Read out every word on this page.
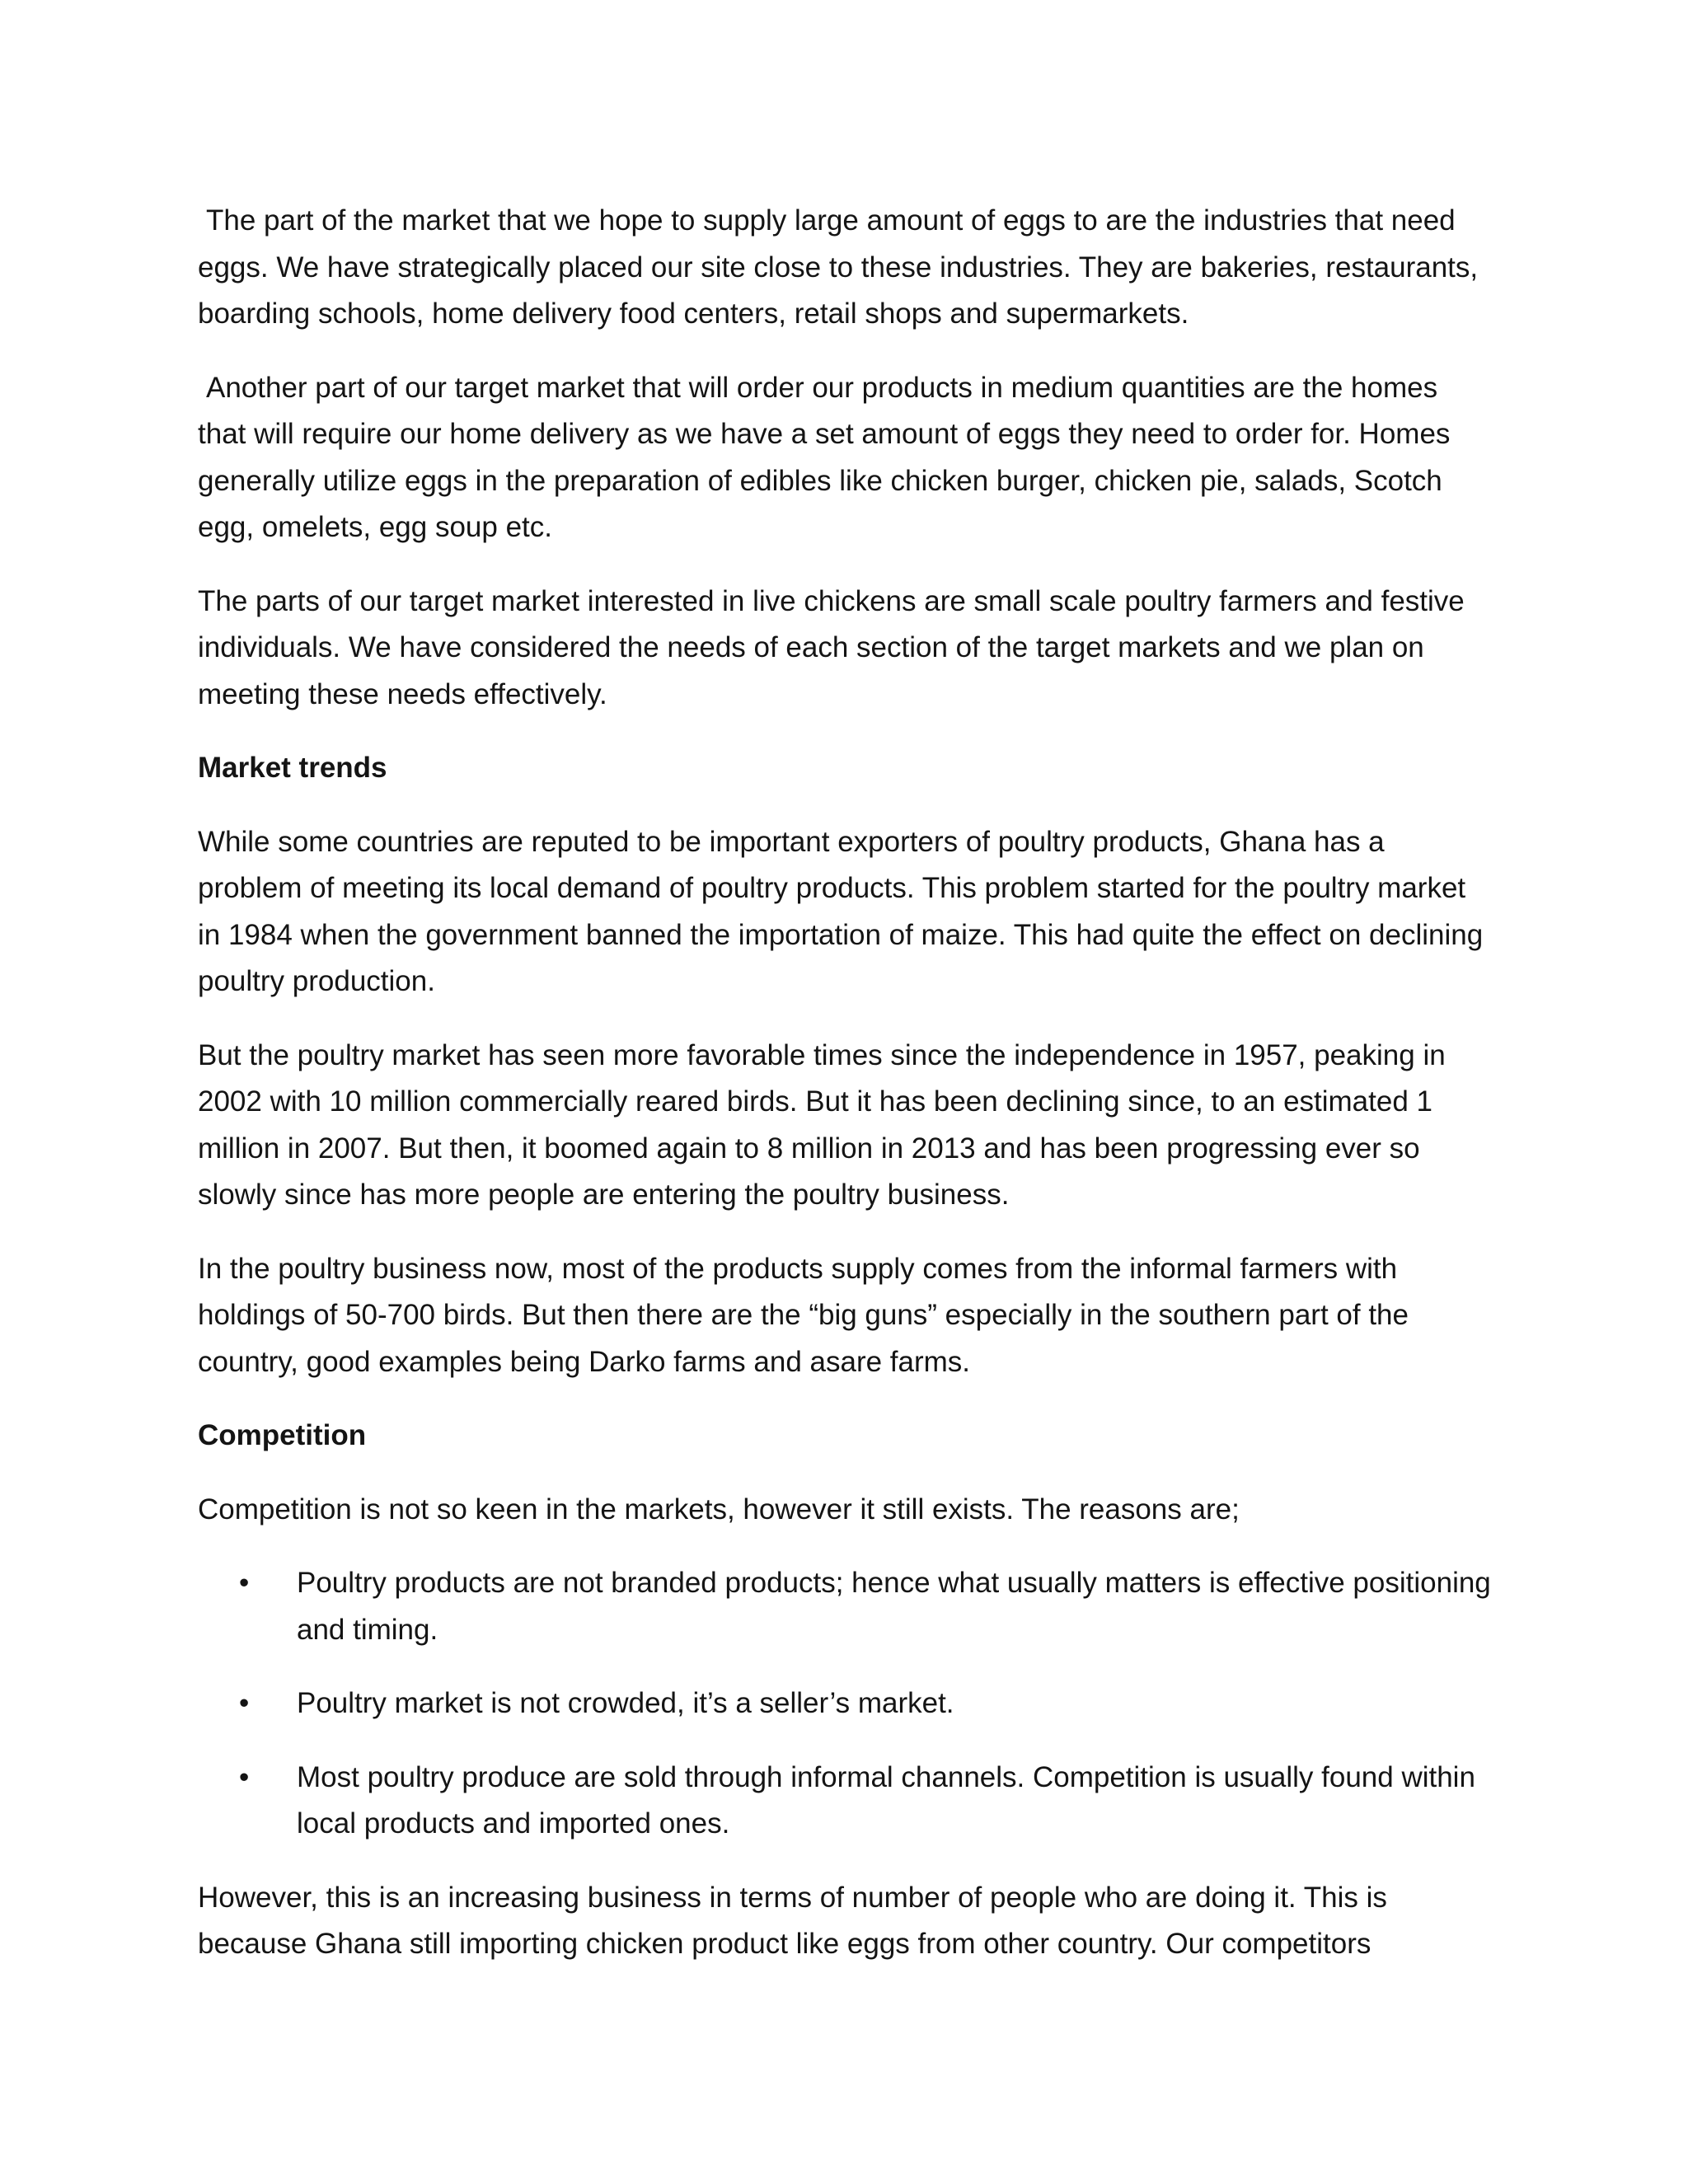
The part of the market that we hope to supply large amount of eggs to are the industries that need eggs. We have strategically placed our site close to these industries. They are bakeries, restaurants, boarding schools, home delivery food centers, retail shops and supermarkets.

Another part of our target market that will order our products in medium quantities are the homes that will require our home delivery as we have a set amount of eggs they need to order for. Homes generally utilize eggs in the preparation of edibles like chicken burger, chicken pie, salads, Scotch egg, omelets, egg soup etc.

The parts of our target market interested in live chickens are small scale poultry farmers and festive individuals. We have considered the needs of each section of the target markets and we plan on meeting these needs effectively.

Market trends

While some countries are reputed to be important exporters of poultry products, Ghana has a problem of meeting its local demand of poultry products. This problem started for the poultry market in 1984 when the government banned the importation of maize. This had quite the effect on declining poultry production.

But the poultry market has seen more favorable times since the independence in 1957, peaking in 2002 with 10 million commercially reared birds. But it has been declining since, to an estimated 1 million in 2007. But then, it boomed again to 8 million in 2013 and has been progressing ever so slowly since has more people are entering the poultry business.

In the poultry business now, most of the products supply comes from the informal farmers with holdings of 50-700 birds. But then there are the “big guns” especially in the southern part of the country, good examples being Darko farms and asare farms.

Competition

Competition is not so keen in the markets, however it still exists. The reasons are;

• Poultry products are not branded products; hence what usually matters is effective positioning and timing.
• Poultry market is not crowded, it’s a seller’s market.
• Most poultry produce are sold through informal channels. Competition is usually found within local products and imported ones.

However, this is an increasing business in terms of number of people who are doing it. This is because Ghana still importing chicken product like eggs from other country. Our competitors
